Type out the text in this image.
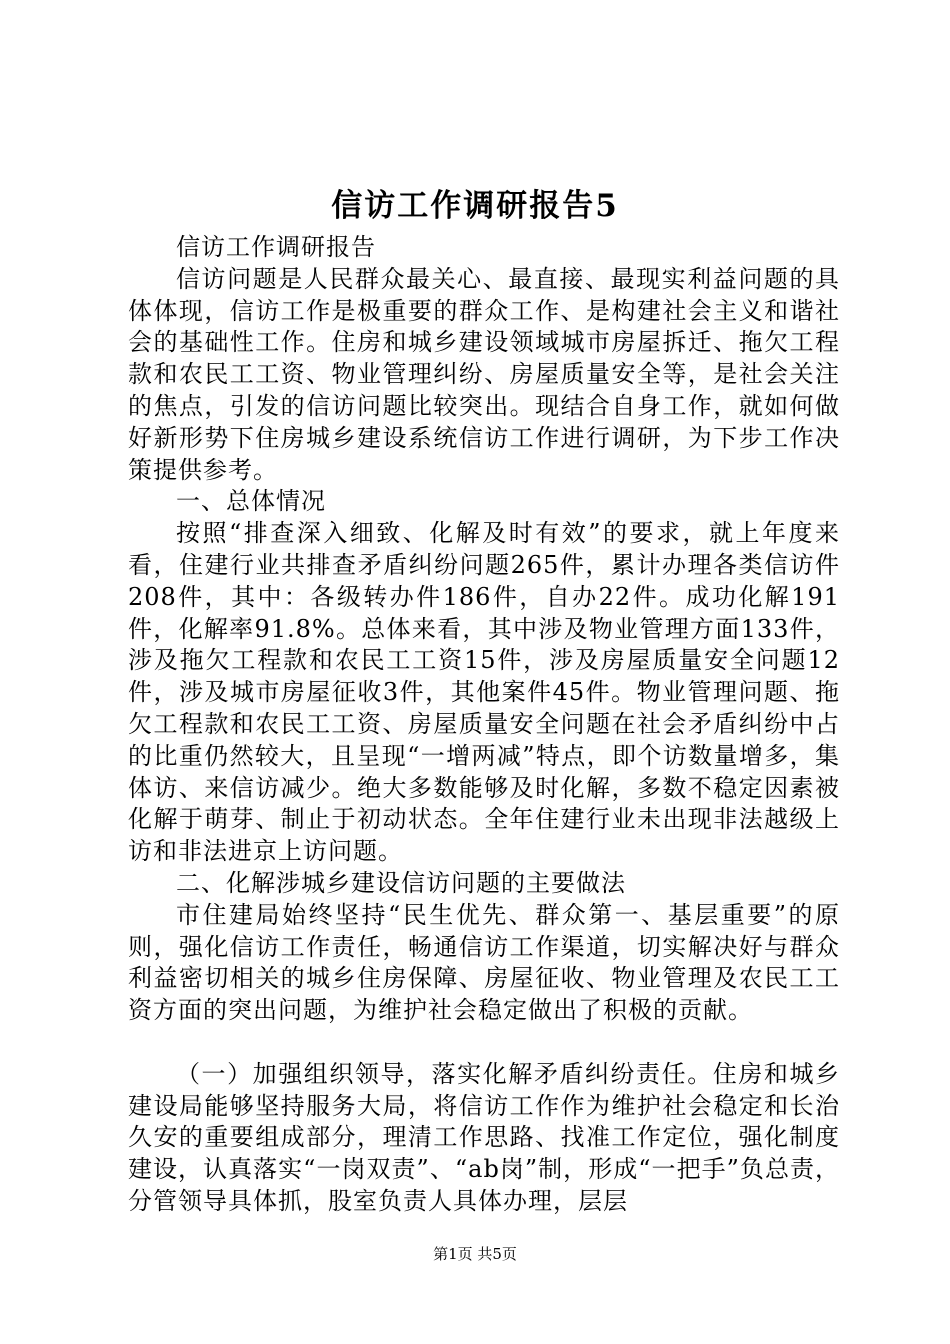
信访工作调研报告5

信访工作调研报告

信访问题是人民群众最关心、最直接、最现实利益问题的具体体现，信访工作是极重要的群众工作、是构建社会主义和谐社会的基础性工作。住房和城乡建设领域城市房屋拆迁、拖欠工程款和农民工工资、物业管理纠纷、房屋质量安全等，是社会关注的焦点，引发的信访问题比较突出。现结合自身工作，就如何做好新形势下住房城乡建设系统信访工作进行调研，为下步工作决策提供参考。

一、总体情况

按照“排查深入细致、化解及时有效”的要求，就上年度来看，住建行业共排查矛盾纠纷问题265件，累计办理各类信访件208件，其中：各级转办件186件，自办22件。成功化解191件，化解率91.8%。总体来看，其中涉及物业管理方面133件，涉及拖欠工程款和农民工工资15件，涉及房屋质量安全问题12件，涉及城市房屋征收3件，其他案件45件。物业管理问题、拖欠工程款和农民工工资、房屋质量安全问题在社会矛盾纠纷中占的比重仍然较大，且呈现“一增两减”特点，即个访数量增多，集体访、来信访减少。绝大多数能够及时化解，多数不稳定因素被化解于萌芽、制止于初动状态。全年住建行业未出现非法越级上访和非法进京上访问题。

二、化解涉城乡建设信访问题的主要做法

市住建局始终坚持“民生优先、群众第一、基层重要”的原则，强化信访工作责任，畅通信访工作渠道，切实解决好与群众利益密切相关的城乡住房保障、房屋征收、物业管理及农民工工资方面的突出问题，为维护社会稳定做出了积极的贡献。

（一）加强组织领导，落实化解矛盾纠纷责任。住房和城乡建设局能够坚持服务大局，将信访工作作为维护社会稳定和长治久安的重要组成部分，理清工作思路、找准工作定位，强化制度建设，认真落实“一岗双责”、“ab岗”制，形成“一把手”负总责，分管领导具体抓，股室负责人具体办理，层层

第1页 共5页
